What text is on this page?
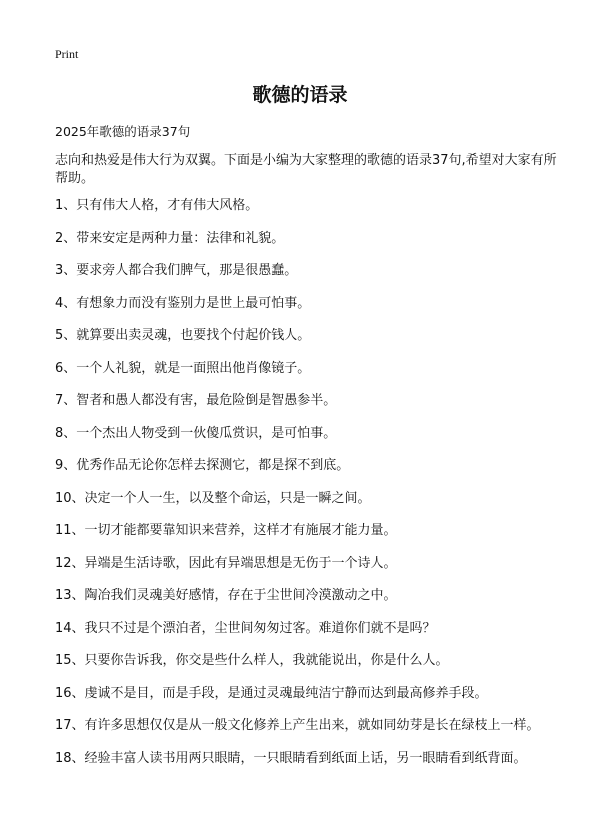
Print
歌德的语录
2025年歌德的语录37句
志向和热爱是伟大行为双翼。下面是小编为大家整理的歌德的语录37句,希望对大家有所帮助。
1、只有伟大人格，才有伟大风格。
2、带来安定是两种力量：法律和礼貌。
3、要求旁人都合我们脾气，那是很愚蠢。
4、有想象力而没有鉴别力是世上最可怕事。
5、就算要出卖灵魂，也要找个付起价钱人。
6、一个人礼貌，就是一面照出他肖像镜子。
7、智者和愚人都没有害，最危险倒是智愚参半。
8、一个杰出人物受到一伙傻瓜赏识，是可怕事。
9、优秀作品无论你怎样去探测它，都是探不到底。
10、决定一个人一生，以及整个命运，只是一瞬之间。
11、一切才能都要靠知识来营养，这样才有施展才能力量。
12、异端是生活诗歌，因此有异端思想是无伤于一个诗人。
13、陶冶我们灵魂美好感情，存在于尘世间冷漠激动之中。
14、我只不过是个漂泊者，尘世间匆匆过客。难道你们就不是吗？
15、只要你告诉我，你交是些什么样人，我就能说出，你是什么人。
16、虔诚不是目，而是手段，是通过灵魂最纯洁宁静而达到最高修养手段。
17、有许多思想仅仅是从一般文化修养上产生出来，就如同幼芽是长在绿枝上一样。
18、经验丰富人读书用两只眼睛，一只眼睛看到纸面上话，另一眼睛看到纸背面。
